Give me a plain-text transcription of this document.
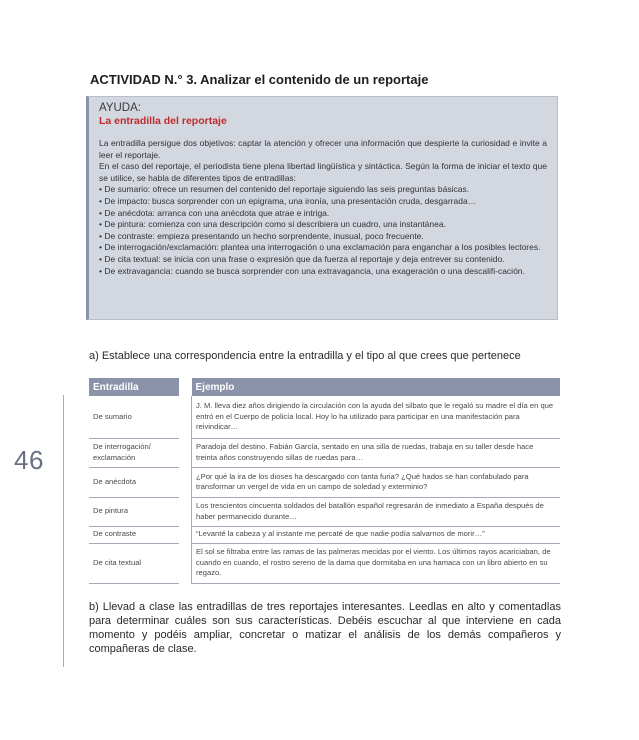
46
ACTIVIDAD N.° 3. Analizar el contenido de un reportaje
AYUDA:
La entradilla del reportaje

La entradilla persigue dos objetivos: captar la atención y ofrecer una información que despierte la curiosidad e invite a leer el reportaje.

En el caso del reportaje, el periodista tiene plena libertad lingüística y sintáctica. Según la forma de iniciar el texto que se utilice, se habla de diferentes tipos de entradillas:

• De sumario: ofrece un resumen del contenido del reportaje siguiendo las seis preguntas básicas.

• De impacto: busca sorprender con un epigrama, una ironía, una presentación cruda, desgarrada…

• De anécdota: arranca con una anécdota que atrae e intriga.

• De pintura: comienza con una descripción como si describiera un cuadro, una instantánea.

• De contraste: empieza presentando un hecho sorprendente, inusual, poco frecuente.

• De interrogación/exclamación: plantea una interrogación o una exclamación para enganchar a los posibles lectores.

• De cita textual: se inicia con una frase o expresión que da fuerza al reportaje y deja entrever su contenido.

• De extravagancia: cuando se busca sorprender con una extravagancia, una exageración o una descalifi-cación.

a) Establece una correspondencia entre la entradilla y el tipo al que crees que pertenece
Entradilla		Ejemplo
De sumario		J. M. lleva diez años dirigiendo la circulación con la ayuda del silbato que le regaló su madre el día en que entró en el Cuerpo de policía local. Hoy lo ha utilizado para participar en una manifestación para reivindicar…
De interrogación/ exclamación		Paradoja del destino. Fabián García, sentado en una silla de ruedas, trabaja en su taller desde hace treinta años construyendo sillas de ruedas para…
De anécdota		¿Por qué la ira de los dioses ha descargado con tanta furia? ¿Qué hados se han confabulado para transformar un vergel de vida en un campo de soledad y exterminio?
De pintura		Los trescientos cincuenta soldados del batallón español regresarán de inmediato a España después de haber permanecido durante…
De contraste		“Levanté la cabeza y al instante me percaté de que nadie podía salvarnos de morir…”
De cita textual		El sol se filtraba entre las ramas de las palmeras mecidas por el viento. Los últimos rayos acariciaban, de cuando en cuando, el rostro sereno de la dama que dormitaba en una hamaca con un libro abierto en su regazo.
b) Llevad a clase las entradillas de tres reportajes interesantes. Leedlas en alto y comentadlas para determinar cuáles son sus características. Debéis escuchar al que interviene en cada momento y podéis ampliar, concretar o matizar el análisis de los demás compañeros y compañeras de clase.
